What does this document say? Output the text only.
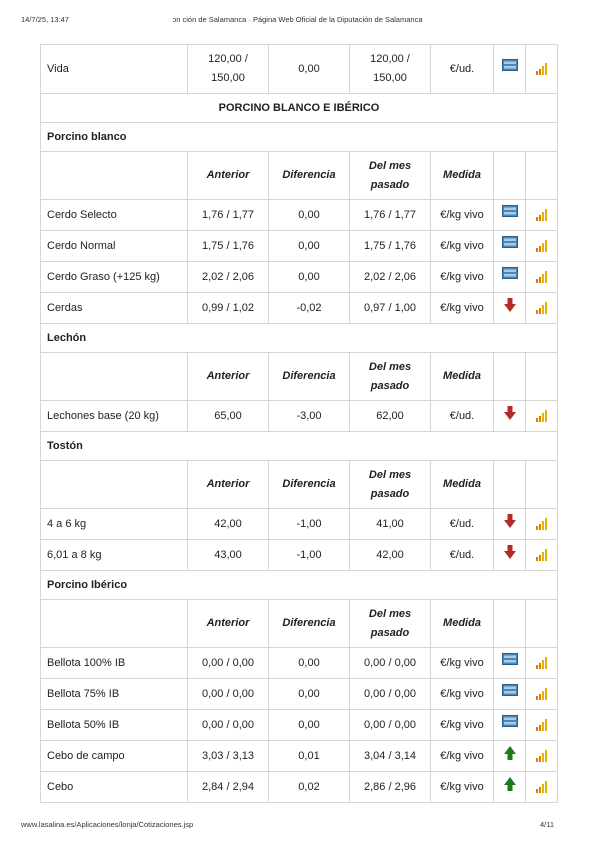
14/7/25, 13:47	ɔn ción de Salamanca · Página Web Oficial de la Diputación de Salamanca
Vida	120,00 / 150,00	0,00	120,00 / 150,00	€/ud.		

PORCINO BLANCO E IBÉRICO						
Porcino blanco						
	Anterior	Diferencia	Del mes pasado	Medida		
Cerdo Selecto	1,76 / 1,77	0,00	1,76 / 1,77	€/kg vivo		

Cerdo Normal	1,75 / 1,76	0,00	1,75 / 1,76	€/kg vivo		

Cerdo Graso (+125 kg)	2,02 / 2,06	0,00	2,02 / 2,06	€/kg vivo		

Cerdas	0,99 / 1,02	-0,02	0,97 / 1,00	€/kg vivo		

Lechón						
	Anterior	Diferencia	Del mes pasado	Medida		
Lechones base (20 kg)	65,00	-3,00	62,00	€/ud.		

Tostón						
	Anterior	Diferencia	Del mes pasado	Medida		
4 a 6 kg	42,00	-1,00	41,00	€/ud.		

6,01 a 8 kg	43,00	-1,00	42,00	€/ud.		

Porcino Ibérico						
	Anterior	Diferencia	Del mes pasado	Medida		
Bellota 100% IB	0,00 / 0,00	0,00	0,00 / 0,00	€/kg vivo		

Bellota 75% IB	0,00 / 0,00	0,00	0,00 / 0,00	€/kg vivo		

Bellota 50% IB	0,00 / 0,00	0,00	0,00 / 0,00	€/kg vivo		

Cebo de campo	3,03 / 3,13	0,01	3,04 / 3,14	€/kg vivo		

Cebo	2,84 / 2,94	0,02	2,86 / 2,96	€/kg vivo		
www.lasalina.es/Aplicaciones/lonja/Cotizaciones.jsp	4/11
